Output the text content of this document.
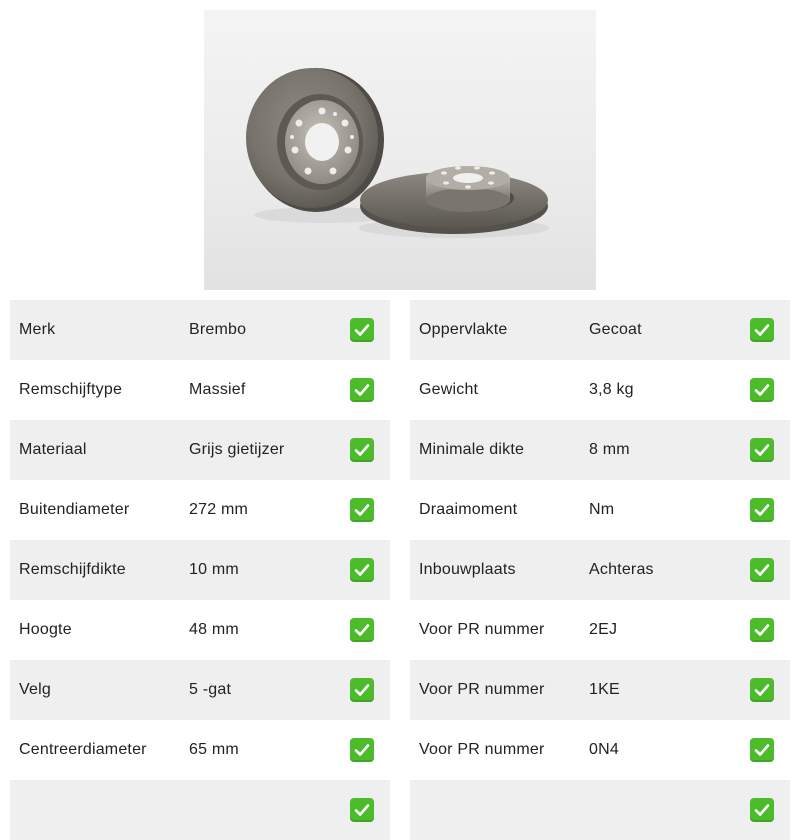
Merk	Brembo
Remschijftype	Massief
Materiaal	Grijs gietijzer
Buitendiameter	272 mm
Remschijfdikte	10 mm
Hoogte	48 mm
Velg	5 -gat
Centreerdiameter	65 mm
Oppervlakte	Gecoat
Gewicht	3,8 kg
Minimale dikte	8 mm
Draaimoment	Nm
Inbouwplaats	Achteras
Voor PR nummer	2EJ
Voor PR nummer	1KE
Voor PR nummer	0N4
